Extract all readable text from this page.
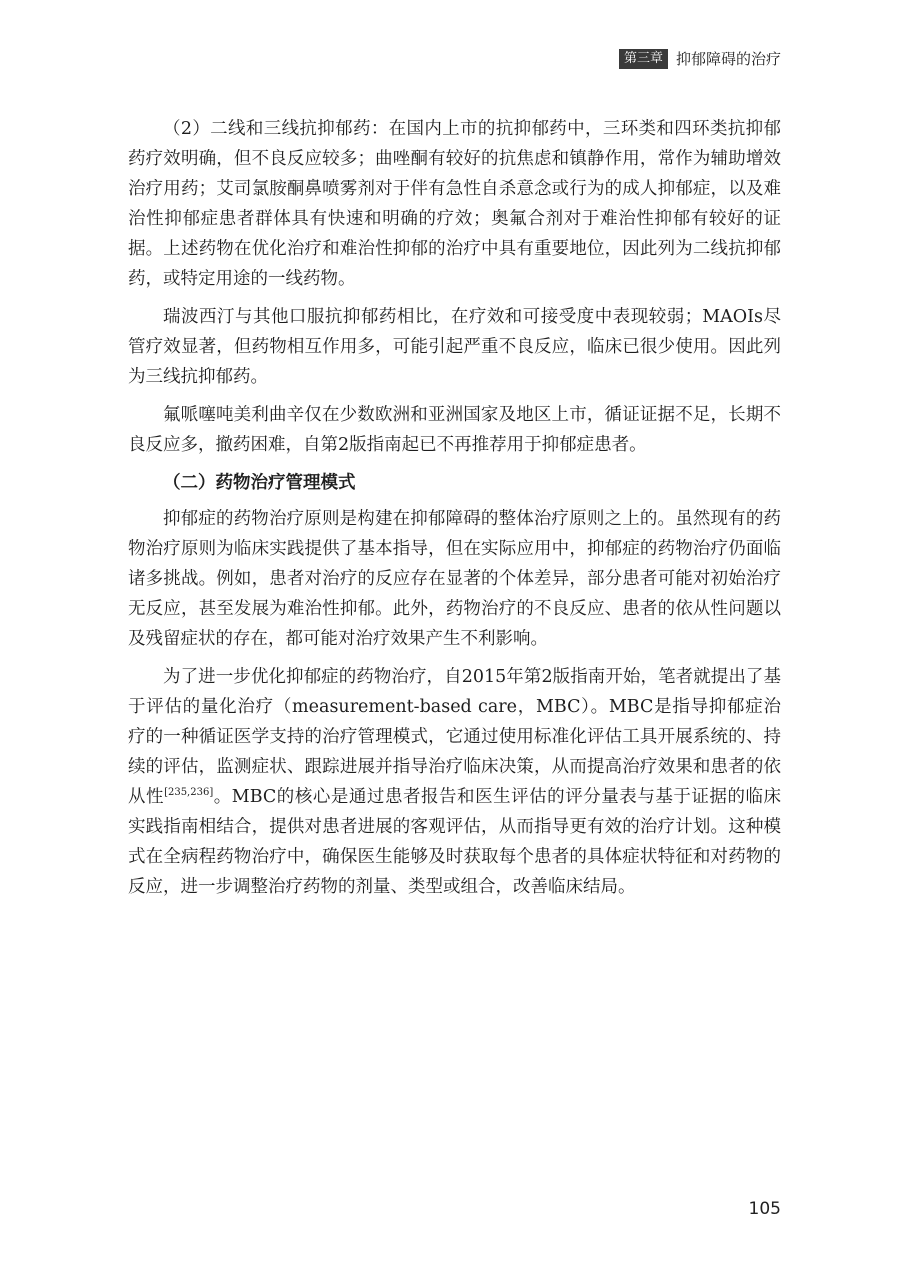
第三章 抑郁障碍的治疗

（2）二线和三线抗抑郁药：在国内上市的抗抑郁药中，三环类和四环类抗抑郁药疗效明确，但不良反应较多；曲唑酮有较好的抗焦虑和镇静作用，常作为辅助增效治疗用药；艾司氯胺酮鼻喷雾剂对于伴有急性自杀意念或行为的成人抑郁症，以及难治性抑郁症患者群体具有快速和明确的疗效；奥氟合剂对于难治性抑郁有较好的证据。上述药物在优化治疗和难治性抑郁的治疗中具有重要地位，因此列为二线抗抑郁药，或特定用途的一线药物。

瑞波西汀与其他口服抗抑郁药相比，在疗效和可接受度中表现较弱；MAOIs尽管疗效显著，但药物相互作用多，可能引起严重不良反应，临床已很少使用。因此列为三线抗抑郁药。

氟哌噻吨美利曲辛仅在少数欧洲和亚洲国家及地区上市，循证证据不足，长期不良反应多，撤药困难，自第2版指南起已不再推荐用于抑郁症患者。

（二）药物治疗管理模式

抑郁症的药物治疗原则是构建在抑郁障碍的整体治疗原则之上的。虽然现有的药物治疗原则为临床实践提供了基本指导，但在实际应用中，抑郁症的药物治疗仍面临诸多挑战。例如，患者对治疗的反应存在显著的个体差异，部分患者可能对初始治疗无反应，甚至发展为难治性抑郁。此外，药物治疗的不良反应、患者的依从性问题以及残留症状的存在，都可能对治疗效果产生不利影响。

为了进一步优化抑郁症的药物治疗，自2015年第2版指南开始，笔者就提出了基于评估的量化治疗（measurement-based care，MBC）。MBC是指导抑郁症治疗的一种循证医学支持的治疗管理模式，它通过使用标准化评估工具开展系统的、持续的评估，监测症状、跟踪进展并指导治疗临床决策，从而提高治疗效果和患者的依从性[235,236]。MBC的核心是通过患者报告和医生评估的评分量表与基于证据的临床实践指南相结合，提供对患者进展的客观评估，从而指导更有效的治疗计划。这种模式在全病程药物治疗中，确保医生能够及时获取每个患者的具体症状特征和对药物的反应，进一步调整治疗药物的剂量、类型或组合，改善临床结局。

105
